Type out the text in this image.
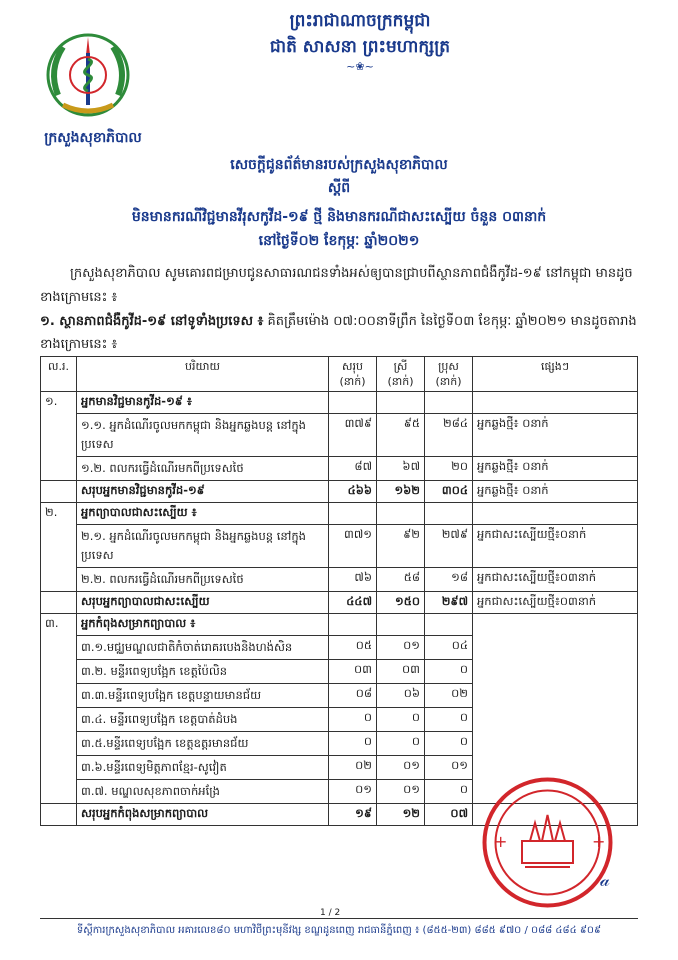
ព្រះរាជាណាចក្រកម្ពុជា
ជាតិ សាសនា ព្រះមហាក្សត្រ
~❀~
ក្រសួងសុខាភិបាល
សេចក្តីជូនព័ត៌មានរបស់ក្រសួងសុខាភិបាល
ស្តីពី
មិនមានករណីវិជ្ជមានវីរុសកូវីដ-១៩ ថ្មី និងមានករណីជាសះស្បើយ ចំនួន ០៣នាក់
នៅថ្ងៃទី០២ ខែកុម្ភៈ ឆ្នាំ២០២១
ក្រសួងសុខាភិបាល សូមគោរពជម្រាបជូនសាធារណជនទាំងអស់ឲ្យបានជ្រាបពីស្ថានភាពជំងឺកូវីដ-១៩ នៅកម្ពុជា មានដូចខាងក្រោមនេះ ៖
១. ស្ថានភាពជំងឺកូវីដ-១៩ នៅទូទាំងប្រទេស ៖ គិតត្រឹមម៉ោង ០៧:០០នាទីព្រឹក នៃថ្ងៃទី០៣ ខែកុម្ភៈ ឆ្នាំ២០២១ មានដូចតារាងខាងក្រោមនេះ ៖
ល.រ.	បរិយាយ	សរុប (នាក់)	ស្រី (នាក់)	ប្រុស (នាក់)	ផ្សេងៗ
១.	អ្នកមានវិជ្ជមានកូវីដ-១៩ ៖				
	១.១. អ្នកដំណើរចូលមកកម្ពុជា និងអ្នកឆ្លងបន្ត នៅក្នុងប្រទេស	៣៧៩	៩៥	២៨៤	អ្នកឆ្លងថ្មី៖ ០នាក់
	១.២. ពលករធ្វើដំណើរមកពីប្រទេសថៃ	៨៧	៦៧	២០	អ្នកឆ្លងថ្មី៖ ០នាក់
	សរុបអ្នកមានវិជ្ជមានកូវីដ-១៩	៤៦៦	១៦២	៣០៤	អ្នកឆ្លងថ្មី៖ ០នាក់
២.	អ្នកព្យាបាលជាសះស្បើយ ៖				
	២.១. អ្នកដំណើរចូលមកកម្ពុជា និងអ្នកឆ្លងបន្ត នៅក្នុងប្រទេស	៣៧១	៩២	២៧៩	អ្នកជាសះស្បើយថ្មី៖០នាក់
	២.២. ពលករធ្វើដំណើរមកពីប្រទេសថៃ	៧៦	៥៨	១៨	អ្នកជាសះស្បើយថ្មី៖០៣នាក់
	សរុបអ្នកព្យាបាលជាសះស្បើយ	៤៤៧	១៥០	២៩៧	អ្នកជាសះស្បើយថ្មី៖០៣នាក់
៣.	អ្នកកំពុងសម្រាកព្យាបាល ៖				
	៣.១.មជ្ឈមណ្ឌលជាតិកំចាត់រោគរបេងនិងហង់សិន	០៥	០១	០៤	
	៣.២. មន្ទីរពេទ្យបង្អែក ខេត្តប៉ៃលិន	០៣	០៣	០	
	៣.៣.មន្ទីរពេទ្យបង្អែក ខេត្តបន្ទាយមានជ័យ	០៨	០៦	០២	
	៣.៤. មន្ទីរពេទ្យបង្អែក ខេត្តបាត់ដំបង	០	០	០	
	៣.៥.មន្ទីរពេទ្យបង្អែក ខេត្តឧត្តរមានជ័យ	០	០	០	
	៣.៦.មន្ទីរពេទ្យមិត្តភាពខ្មែរ-សូវៀត	០២	០១	០១	
	៣.៧. មណ្ឌលសុខភាពចាក់អង្រែ	០១	០១	០	
	សរុបអ្នកកំពុងសម្រាកព្យាបាល	១៩	១២	០៧	
+	+
𝒶
1 / 2
ទីស្តីការក្រសួងសុខាភិបាល អគារលេខ៨០ មហាវិថីព្រះមុនីវង្ស ខណ្ឌដូនពេញ រាជធានីភ្នំពេញ ៖ (៨៥៥-២៣) ៨៨៥ ៩៧០ / ០៨៨ ៤៨៤ ៩០៩
